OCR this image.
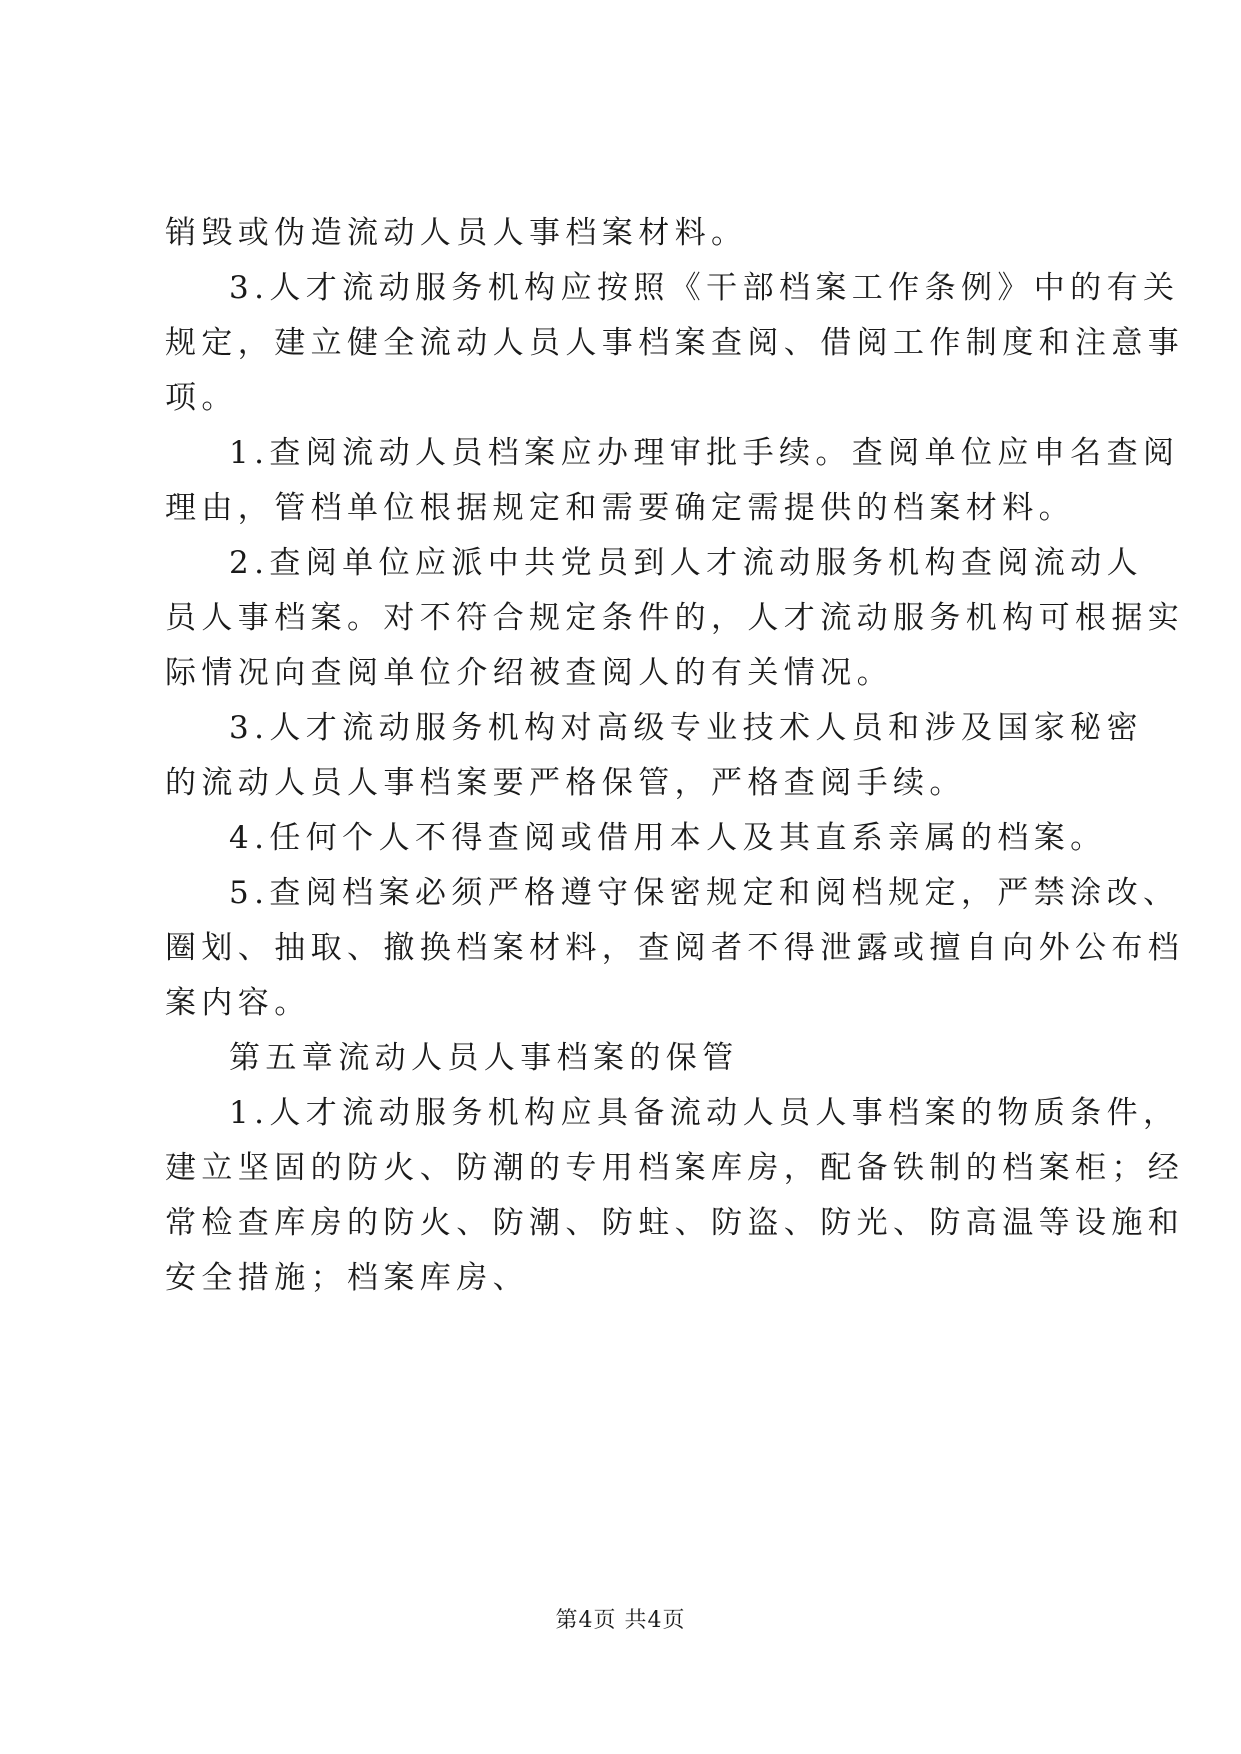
销毁或伪造流动人员人事档案材料。
3.人才流动服务机构应按照《干部档案工作条例》中的有关
规定，建立健全流动人员人事档案查阅、借阅工作制度和注意事
项。
1.查阅流动人员档案应办理审批手续。查阅单位应申名查阅
理由，管档单位根据规定和需要确定需提供的档案材料。
2.查阅单位应派中共党员到人才流动服务机构查阅流动人
员人事档案。对不符合规定条件的，人才流动服务机构可根据实
际情况向查阅单位介绍被查阅人的有关情况。
3.人才流动服务机构对高级专业技术人员和涉及国家秘密
的流动人员人事档案要严格保管，严格查阅手续。
4.任何个人不得查阅或借用本人及其直系亲属的档案。
5.查阅档案必须严格遵守保密规定和阅档规定，严禁涂改、
圈划、抽取、撤换档案材料，查阅者不得泄露或擅自向外公布档
案内容。
第五章流动人员人事档案的保管
1.人才流动服务机构应具备流动人员人事档案的物质条件，
建立坚固的防火、防潮的专用档案库房，配备铁制的档案柜；经
常检查库房的防火、防潮、防蛀、防盗、防光、防高温等设施和
安全措施；档案库房、
第4页 共4页
